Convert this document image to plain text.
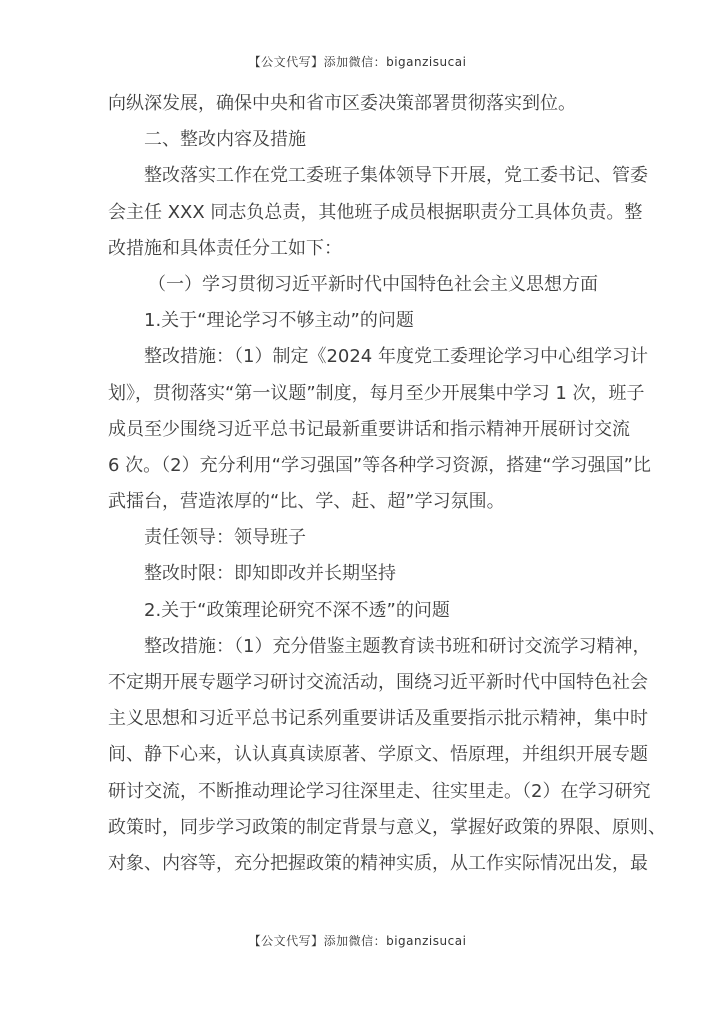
【公文代写】添加微信：biganzisucai
向纵深发展，确保中央和省市区委决策部署贯彻落实到位。
二、整改内容及措施
整改落实工作在党工委班子集体领导下开展，党工委书记、管委
会主任 XXX 同志负总责，其他班子成员根据职责分工具体负责。整
改措施和具体责任分工如下：
（一）学习贯彻习近平新时代中国特色社会主义思想方面
1.关于“理论学习不够主动”的问题
整改措施：（1）制定《2024 年度党工委理论学习中心组学习计
划》，贯彻落实“第一议题”制度，每月至少开展集中学习 1 次，班子
成员至少围绕习近平总书记最新重要讲话和指示精神开展研讨交流
6 次。（2）充分利用“学习强国”等各种学习资源，搭建“学习强国”比
武擂台，营造浓厚的“比、学、赶、超”学习氛围。
责任领导：领导班子
整改时限：即知即改并长期坚持
2.关于“政策理论研究不深不透”的问题
整改措施：（1）充分借鉴主题教育读书班和研讨交流学习精神，
不定期开展专题学习研讨交流活动，围绕习近平新时代中国特色社会
主义思想和习近平总书记系列重要讲话及重要指示批示精神，集中时
间、静下心来，认认真真读原著、学原文、悟原理，并组织开展专题
研讨交流，不断推动理论学习往深里走、往实里走。（2）在学习研究
政策时，同步学习政策的制定背景与意义，掌握好政策的界限、原则、
对象、内容等，充分把握政策的精神实质，从工作实际情况出发，最
【公文代写】添加微信：biganzisucai
